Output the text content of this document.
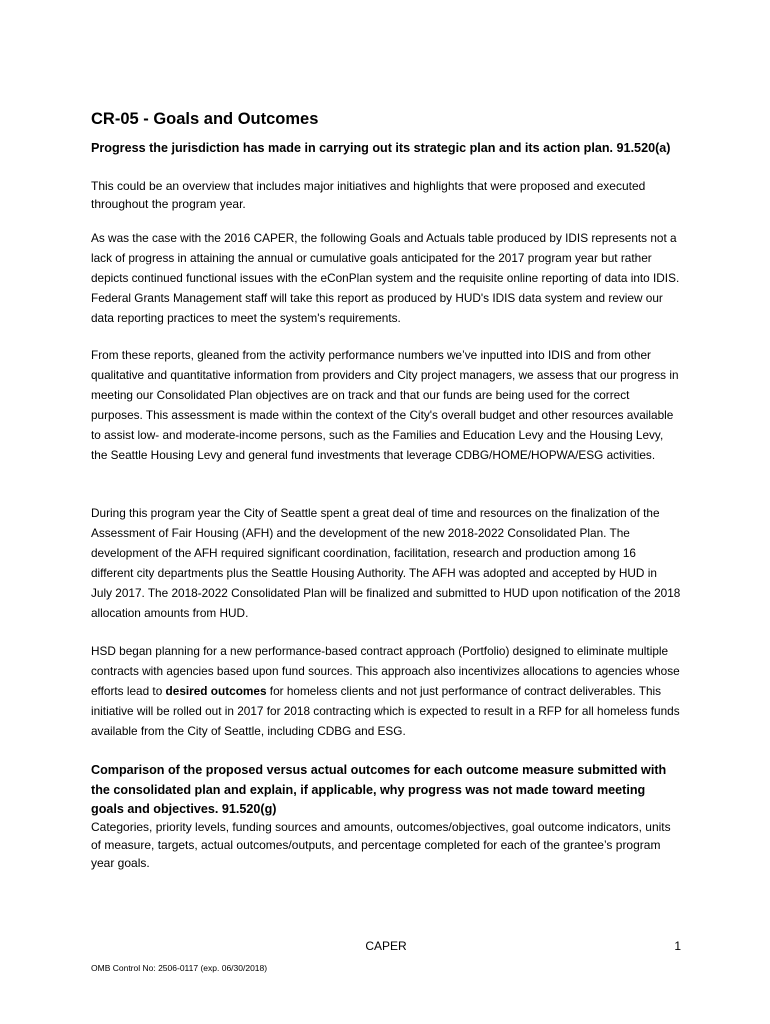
CR-05 - Goals and Outcomes

Progress the jurisdiction has made in carrying out its strategic plan and its action plan. 91.520(a)

This could be an overview that includes major initiatives and highlights that were proposed and executed throughout the program year.

As was the case with the 2016 CAPER, the following Goals and Actuals table produced by IDIS represents not a lack of progress in attaining the annual or cumulative goals anticipated for the 2017 program year but rather depicts continued functional issues with the eConPlan system and the requisite online reporting of data into IDIS. Federal Grants Management staff will take this report as produced by HUD's IDIS data system and review our data reporting practices to meet the system's requirements.

From these reports, gleaned from the activity performance numbers we’ve inputted into IDIS and from other qualitative and quantitative information from providers and City project managers, we assess that our progress in meeting our Consolidated Plan objectives are on track and that our funds are being used for the correct purposes. This assessment is made within the context of the City's overall budget and other resources available to assist low- and moderate-income persons, such as the Families and Education Levy and the Housing Levy, the Seattle Housing Levy and general fund investments that leverage CDBG/HOME/HOPWA/ESG activities.

During this program year the City of Seattle spent a great deal of time and resources on the finalization of the Assessment of Fair Housing (AFH) and the development of the new 2018-2022 Consolidated Plan. The development of the AFH required significant coordination, facilitation, research and production among 16 different city departments plus the Seattle Housing Authority. The AFH was adopted and accepted by HUD in July 2017. The 2018-2022 Consolidated Plan will be finalized and submitted to HUD upon notification of the 2018 allocation amounts from HUD.

HSD began planning for a new performance-based contract approach (Portfolio) designed to eliminate multiple contracts with agencies based upon fund sources. This approach also incentivizes allocations to agencies whose efforts lead to desired outcomes for homeless clients and not just performance of contract deliverables. This initiative will be rolled out in 2017 for 2018 contracting which is expected to result in a RFP for all homeless funds available from the City of Seattle, including CDBG and ESG.

Comparison of the proposed versus actual outcomes for each outcome measure submitted with the consolidated plan and explain, if applicable, why progress was not made toward meeting goals and objectives. 91.520(g)

Categories, priority levels, funding sources and amounts, outcomes/objectives, goal outcome indicators, units of measure, targets, actual outcomes/outputs, and percentage completed for each of the grantee’s program year goals.

CAPER	1

OMB Control No: 2506-0117 (exp. 06/30/2018)
